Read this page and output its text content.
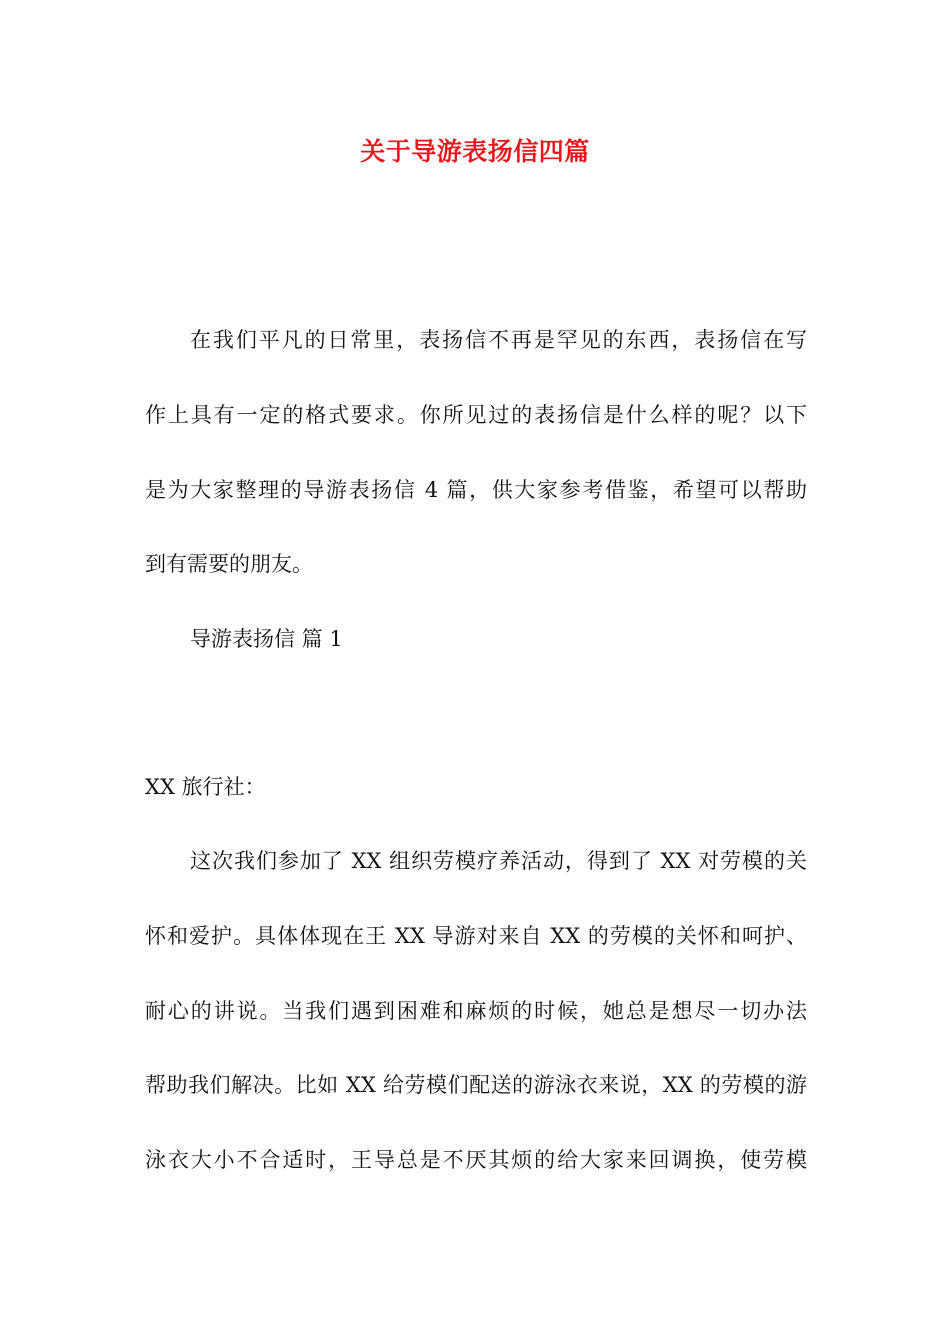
关于导游表扬信四篇
在我们平凡的日常里，表扬信不再是罕见的东西，表扬信在写
作上具有一定的格式要求。你所见过的表扬信是什么样的呢？以下
是为大家整理的导游表扬信 4 篇，供大家参考借鉴，希望可以帮助
到有需要的朋友。
导游表扬信 篇 1
XX 旅行社：
这次我们参加了 XX 组织劳模疗养活动，得到了 XX 对劳模的关
怀和爱护。具体体现在王 XX 导游对来自 XX 的劳模的关怀和呵护、
耐心的讲说。当我们遇到困难和麻烦的时候，她总是想尽一切办法
帮助我们解决。比如 XX 给劳模们配送的游泳衣来说，XX 的劳模的游
泳衣大小不合适时，王导总是不厌其烦的给大家来回调换，使劳模
